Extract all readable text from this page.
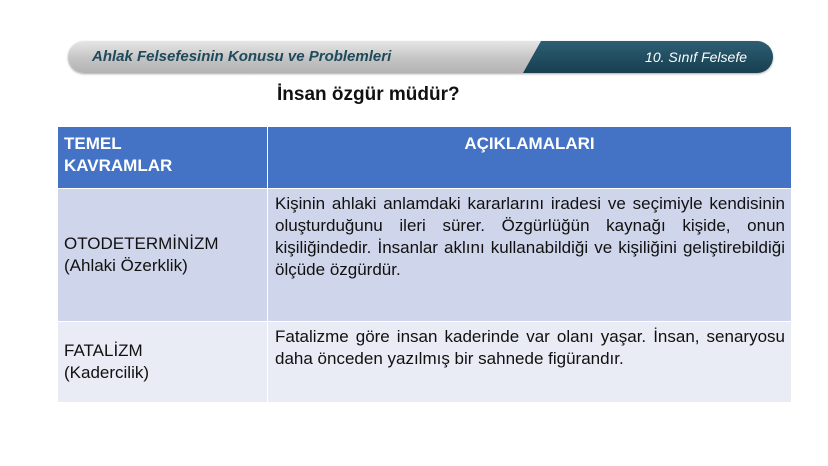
Ahlak Felsefesinin Konusu ve Problemleri	10. Sınıf Felsefe
İnsan özgür müdür?
TEMEL
KAVRAMLAR	AÇIKLAMALARI

OTODETERMİNİZM
(Ahlaki Özerklik)	Kişinin ahlaki anlamdaki kararlarını iradesi ve seçimiyle kendisinin oluşturduğunu ileri sürer. Özgürlüğün kaynağı kişide, onun kişiliğindedir. İnsanlar aklını kullanabildiği ve kişiliğini geliştirebildiği ölçüde özgürdür.

FATALİZM
(Kadercilik)	Fatalizme göre insan kaderinde var olanı yaşar. İnsan, senaryosu daha önceden yazılmış bir sahnede figürandır.
